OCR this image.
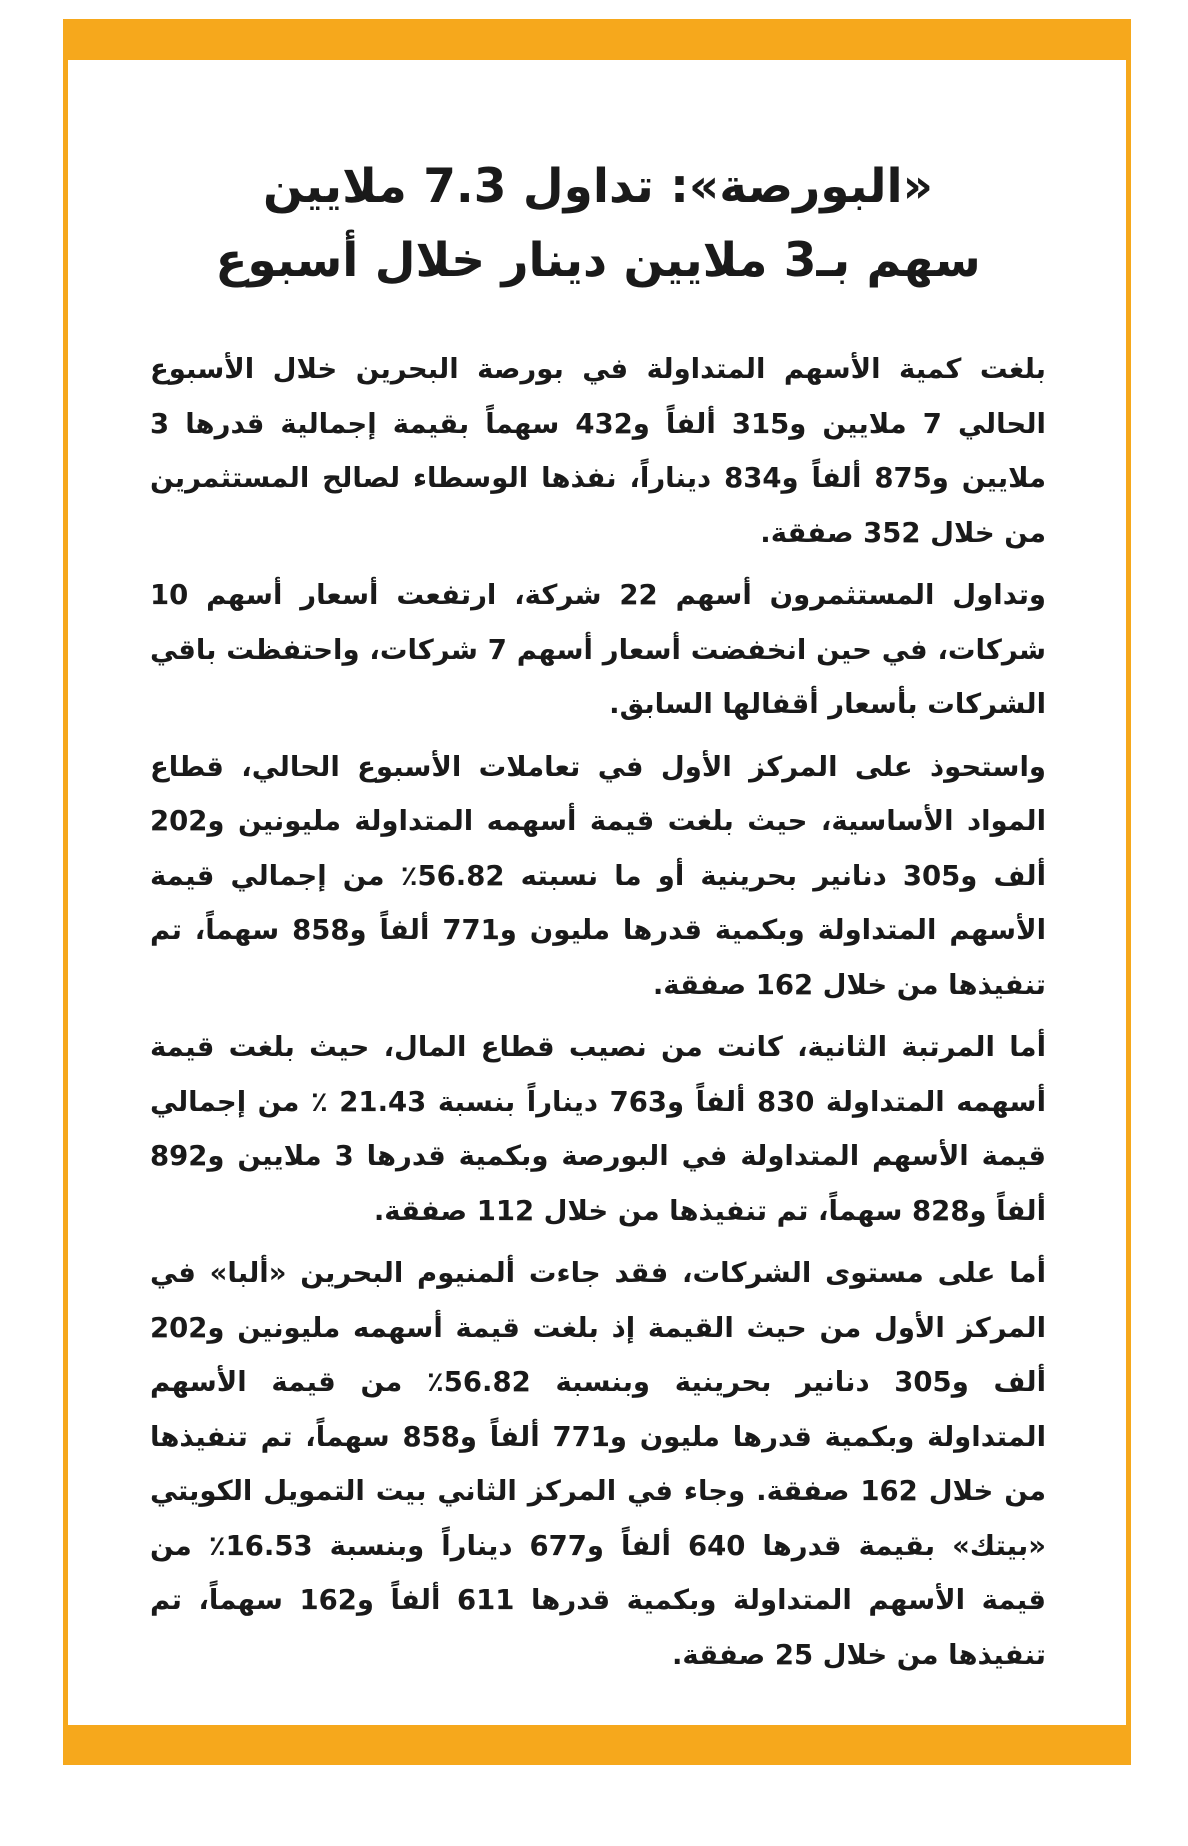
«البورصة»: تداول 7.3 ملايين
سهم بـ3 ملايين دينار خلال أسبوع

بلغت كمية الأسهم المتداولة في بورصة البحرين خلال الأسبوع الحالي 7 ملايين و315 ألفاً و432 سهماً بقيمة إجمالية قدرها 3 ملايين و875 ألفاً و834 ديناراً، نفذها الوسطاء لصالح المستثمرين من خلال 352 صفقة.

وتداول المستثمرون أسهم 22 شركة، ارتفعت أسعار أسهم 10 شركات، في حين انخفضت أسعار أسهم 7 شركات، واحتفظت باقي الشركات بأسعار أقفالها السابق.

واستحوذ على المركز الأول في تعاملات الأسبوع الحالي، قطاع المواد الأساسية، حيث بلغت قيمة أسهمه المتداولة مليونين و202 ألف و305 دنانير بحرينية أو ما نسبته 56.82٪ من إجمالي قيمة الأسهم المتداولة وبكمية قدرها مليون و771 ألفاً و858 سهماً، تم تنفيذها من خلال 162 صفقة.

أما المرتبة الثانية، كانت من نصيب قطاع المال، حيث بلغت قيمة أسهمه المتداولة 830 ألفاً و763 ديناراً بنسبة 21.43 ٪ من إجمالي قيمة الأسهم المتداولة في البورصة وبكمية قدرها 3 ملايين و892 ألفاً و828 سهماً، تم تنفيذها من خلال 112 صفقة.

أما على مستوى الشركات، فقد جاءت ألمنيوم البحرين «ألبا» في المركز الأول من حيث القيمة إذ بلغت قيمة أسهمه مليونين و202 ألف و305 دنانير بحرينية وبنسبة 56.82٪ من قيمة الأسهم المتداولة وبكمية قدرها مليون و771 ألفاً و858 سهماً، تم تنفيذها من خلال 162 صفقة. وجاء في المركز الثاني بيت التمويل الكويتي «بيتك» بقيمة قدرها 640 ألفاً و677 ديناراً وبنسبة 16.53٪ من قيمة الأسهم المتداولة وبكمية قدرها 611 ألفاً و162 سهماً، تم تنفيذها من خلال 25 صفقة.
